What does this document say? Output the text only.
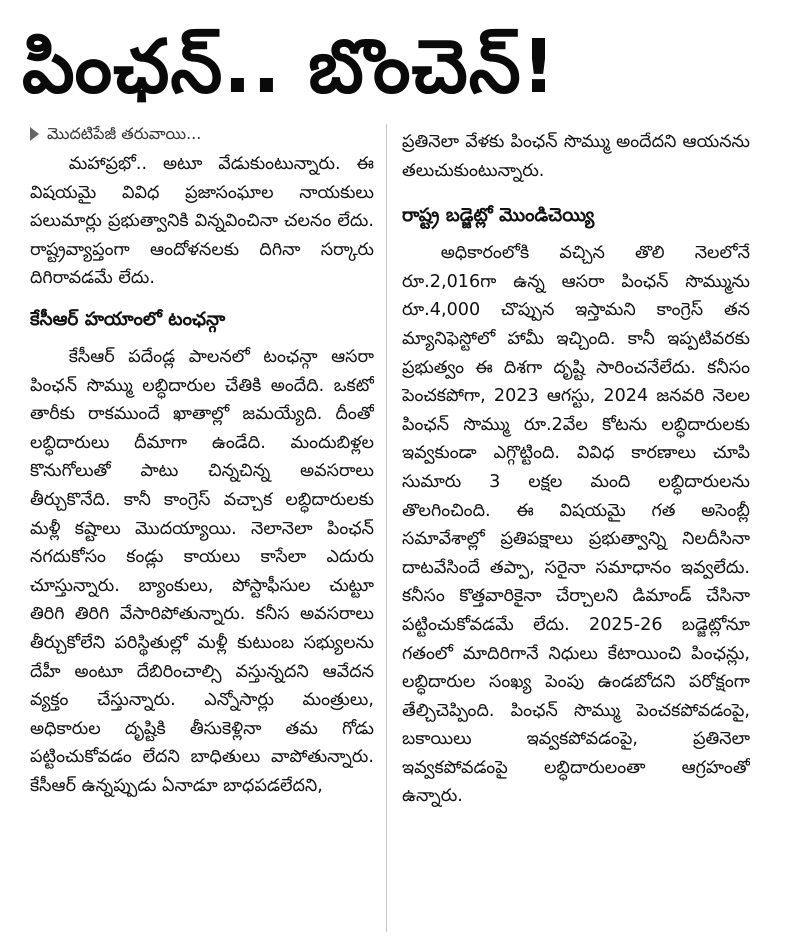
పింఛన్.. బొంచెన్!
మొదటిపేజీ తరువాయి...

మహాప్రభో.. అటూ వేడుకుంటున్నారు. ఈ విషయమై వివిధ ప్రజాసంఘాల నాయకులు పలుమార్లు ప్రభుత్వానికి విన్నవించినా చలనం లేదు. రాష్ట్రవ్యాప్తంగా ఆందోళనలకు దిగినా సర్కారు దిగిరావడమే లేదు.

కేసీఆర్ హయాంలో టంఛన్గా

కేసీఆర్ పదేండ్ల పాలనలో టంఛన్గా ఆసరా పింఛన్ సొమ్ము లబ్ధిదారుల చేతికి అందేది. ఒకటో తారీకు రాకముందే ఖాతాల్లో జమయ్యేది. దీంతో లబ్ధిదారులు దీమాగా ఉండేది. మందుబిళ్లల కొనుగోలుతో పాటు చిన్నచిన్న అవసరాలు తీర్చుకొనేది. కానీ కాంగ్రెస్ వచ్చాక లబ్ధిదారులకు మళ్లీ కష్టాలు మొదయ్యాయి. నెలానెలా పింఛన్ నగదుకోసం కండ్లు కాయలు కాసేలా ఎదురు చూస్తున్నారు. బ్యాంకులు, పోస్టాఫీసుల చుట్టూ తిరిగి తిరిగి వేసారిపోతున్నారు. కనీస అవసరాలు తీర్చుకోలేని పరిస్థితుల్లో మళ్లీ కుటుంబ సభ్యులను దేహీ అంటూ దేబిరించాల్సి వస్తున్నదని ఆవేదన వ్యక్తం చేస్తున్నారు. ఎన్నోసార్లు మంత్రులు, అధికారుల దృష్టికి తీసుకెళ్లినా తమ గోడు పట్టించుకోవడం లేదని బాధితులు వాపోతున్నారు. కేసీఆర్ ఉన్నప్పుడు ఏనాడూ బాధపడలేదని,

ప్రతినెలా వేళకు పింఛన్ సొమ్ము అందేదని ఆయనను తలుచుకుంటున్నారు.

రాష్ట్ర బడ్జెట్లో మొండిచెయ్యి

అధికారంలోకి వచ్చిన తొలి నెలలోనే రూ.2,016గా ఉన్న ఆసరా పింఛన్ సొమ్మును రూ.4,000 చొప్పున ఇస్తామని కాంగ్రెస్ తన మ్యానిఫెస్టోలో హామీ ఇచ్చింది. కానీ ఇప్పటివరకు ప్రభుత్వం ఈ దిశగా దృష్టి సారించనేలేదు. కనీసం పెంచకపోగా, 2023 ఆగస్టు, 2024 జనవరి నెలల పింఛన్ సొమ్ము రూ.2వేల కోటను లబ్ధిదారులకు ఇవ్వకుండా ఎగ్గొట్టింది. వివిధ కారణాలు చూపి సుమారు 3 లక్షల మంది లబ్ధిదారులను తొలగించింది. ఈ విషయమై గత అసెంబ్లీ సమావేశాల్లో ప్రతిపక్షాలు ప్రభుత్వాన్ని నిలదీసినా దాటవేసిందే తప్పా, సరైనా సమాధానం ఇవ్వలేదు. కనీసం కొత్తవారికైనా చేర్చాలని డిమాండ్ చేసినా పట్టించుకోవడమే లేదు. 2025-26 బడ్జెట్లోనూ గతంలో మాదిరిగానే నిధులు కేటాయించి పింఛన్లు, లబ్ధిదారుల సంఖ్య పెంపు ఉండబోదని పరోక్షంగా తేల్చిచెప్పింది. పింఛన్ సొమ్ము పెంచకపోవడంపై, బకాయిలు ఇవ్వకపోవడంపై, ప్రతినెలా ఇవ్వకపోవడంపై లబ్ధిదారులంతా ఆగ్రహంతో ఉన్నారు.
